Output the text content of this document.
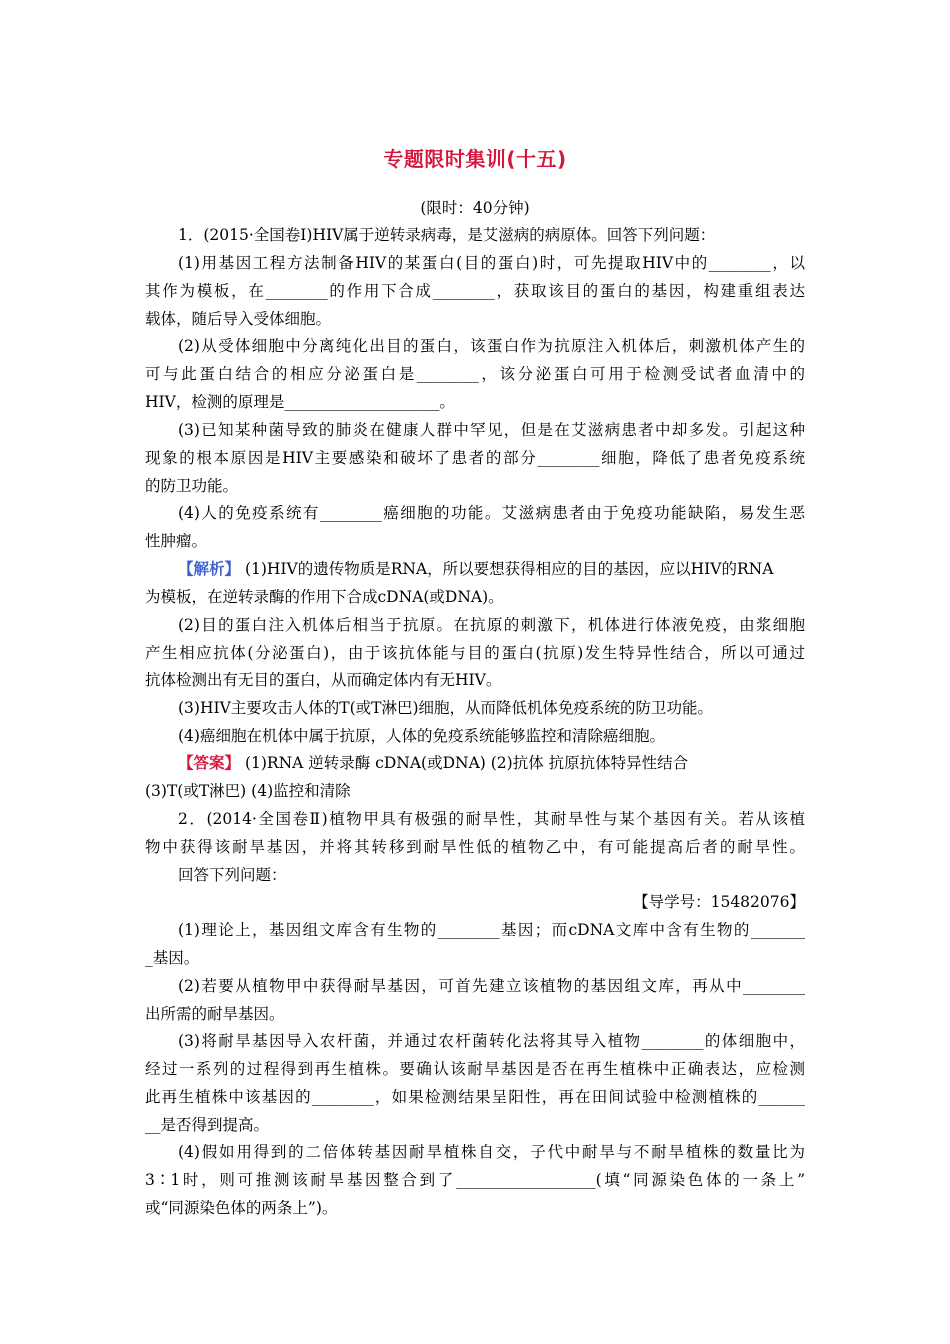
专题限时集训(十五)
(限时：40分钟)
1．(2015·全国卷Ⅰ)HIV属于逆转录病毒，是艾滋病的病原体。回答下列问题：
(1)用基因工程方法制备HIV的某蛋白(目的蛋白)时，可先提取HIV中的________，以
其作为模板，在________的作用下合成________，获取该目的蛋白的基因，构建重组表达
载体，随后导入受体细胞。
(2)从受体细胞中分离纯化出目的蛋白，该蛋白作为抗原注入机体后，刺激机体产生的
可与此蛋白结合的相应分泌蛋白是________，该分泌蛋白可用于检测受试者血清中的
HIV，检测的原理是____________________。
(3)已知某种菌导致的肺炎在健康人群中罕见，但是在艾滋病患者中却多发。引起这种
现象的根本原因是HIV主要感染和破坏了患者的部分________细胞，降低了患者免疫系统
的防卫功能。
(4)人的免疫系统有________癌细胞的功能。艾滋病患者由于免疫功能缺陷，易发生恶
性肿瘤。
【解析】 (1)HIV的遗传物质是RNA，所以要想获得相应的目的基因，应以HIV的RNA
为模板，在逆转录酶的作用下合成cDNA(或DNA)。
(2)目的蛋白注入机体后相当于抗原。在抗原的刺激下，机体进行体液免疫，由浆细胞
产生相应抗体(分泌蛋白)，由于该抗体能与目的蛋白(抗原)发生特异性结合，所以可通过
抗体检测出有无目的蛋白，从而确定体内有无HIV。
(3)HIV主要攻击人体的T(或T淋巴)细胞，从而降低机体免疫系统的防卫功能。
(4)癌细胞在机体中属于抗原，人体的免疫系统能够监控和清除癌细胞。
【答案】 (1)RNA 逆转录酶 cDNA(或DNA) (2)抗体 抗原抗体特异性结合
(3)T(或T淋巴) (4)监控和清除
2．(2014·全国卷Ⅱ)植物甲具有极强的耐旱性，其耐旱性与某个基因有关。若从该植
物中获得该耐旱基因，并将其转移到耐旱性低的植物乙中，有可能提高后者的耐旱性。
回答下列问题：
【导学号：15482076】
(1)理论上，基因组文库含有生物的________基因；而cDNA文库中含有生物的_______
_基因。
(2)若要从植物甲中获得耐旱基因，可首先建立该植物的基因组文库，再从中________
出所需的耐旱基因。
(3)将耐旱基因导入农杆菌，并通过农杆菌转化法将其导入植物________的体细胞中，
经过一系列的过程得到再生植株。要确认该耐旱基因是否在再生植株中正确表达，应检测
此再生植株中该基因的________，如果检测结果呈阳性，再在田间试验中检测植株的______
__是否得到提高。
(4)假如用得到的二倍体转基因耐旱植株自交，子代中耐旱与不耐旱植株的数量比为
3∶1时，则可推测该耐旱基因整合到了__________________(填“同源染色体的一条上”
或“同源染色体的两条上”)。
